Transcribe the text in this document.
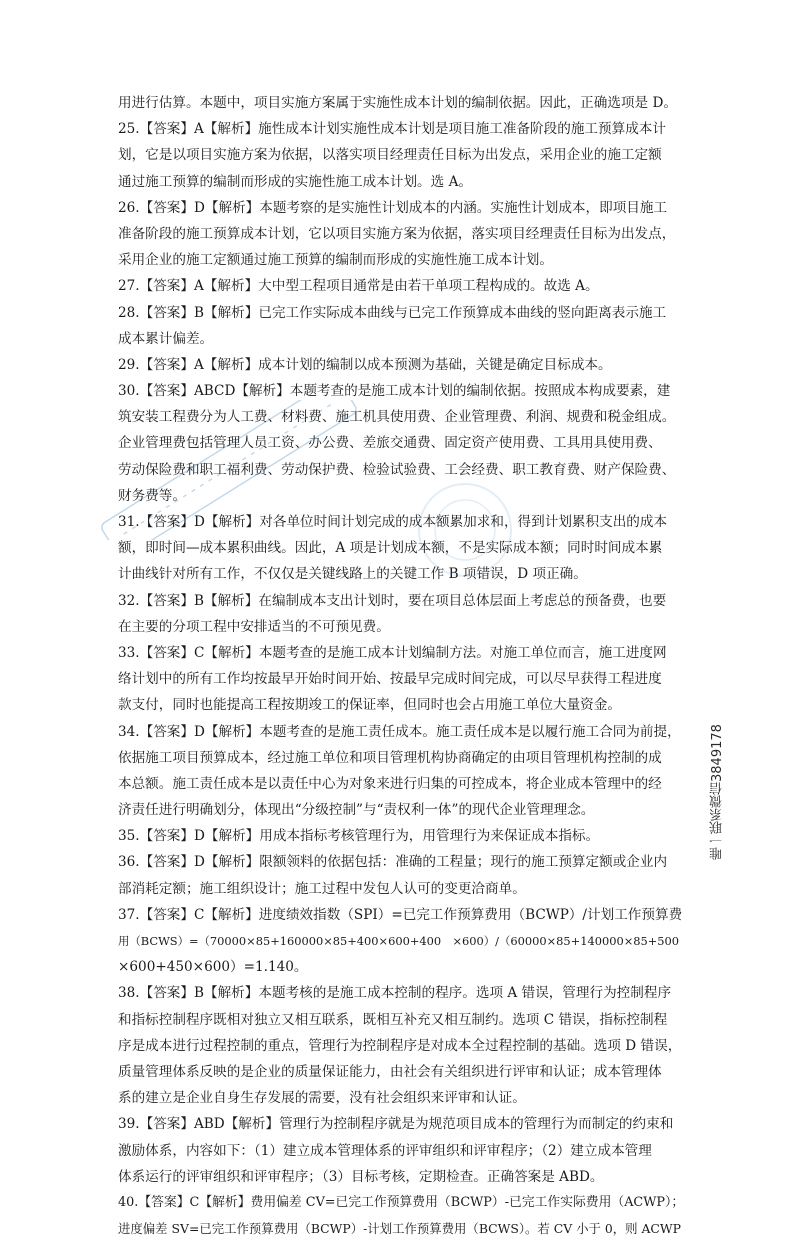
用进行估算。本题中，项目实施方案属于实施性成本计划的编制依据。因此，正确选项是 D。
25.【答案】A【解析】施性成本计划实施性成本计划是项目施工准备阶段的施工预算成本计
划，它是以项目实施方案为依据，以落实项目经理责任目标为出发点，采用企业的施工定额
通过施工预算的编制而形成的实施性施工成本计划。选 A。
26.【答案】D【解析】本题考察的是实施性计划成本的内涵。实施性计划成本，即项目施工
准备阶段的施工预算成本计划，它以项目实施方案为依据，落实项目经理责任目标为出发点，
采用企业的施工定额通过施工预算的编制而形成的实施性施工成本计划。
27.【答案】A【解析】大中型工程项目通常是由若干单项工程构成的。故选 A。
28.【答案】B【解析】已完工作实际成本曲线与已完工作预算成本曲线的竖向距离表示施工
成本累计偏差。
29.【答案】A【解析】成本计划的编制以成本预测为基础，关键是确定目标成本。
30.【答案】ABCD【解析】本题考查的是施工成本计划的编制依据。按照成本构成要素，建
筑安装工程费分为人工费、材料费、施工机具使用费、企业管理费、利润、规费和税金组成。
企业管理费包括管理人员工资、办公费、差旅交通费、固定资产使用费、工具用具使用费、
劳动保险费和职工福利费、劳动保护费、检验试验费、工会经费、职工教育费、财产保险费、
财务费等。
31.【答案】D【解析】对各单位时间计划完成的成本额累加求和，得到计划累积支出的成本
额，即时间—成本累积曲线。因此，A 项是计划成本额，不是实际成本额；同时时间成本累
计曲线针对所有工作，不仅仅是关键线路上的关键工作 B 项错误，D 项正确。
32.【答案】B【解析】在编制成本支出计划时，要在项目总体层面上考虑总的预备费，也要
在主要的分项工程中安排适当的不可预见费。
33.【答案】C【解析】本题考查的是施工成本计划编制方法。对施工单位而言，施工进度网
络计划中的所有工作均按最早开始时间开始、按最早完成时间完成，可以尽早获得工程进度
款支付，同时也能提高工程按期竣工的保证率，但同时也会占用施工单位大量资金。
34.【答案】D【解析】本题考查的是施工责任成本。施工责任成本是以履行施工合同为前提，
依据施工项目预算成本，经过施工单位和项目管理机构协商确定的由项目管理机构控制的成
本总额。施工责任成本是以责任中心为对象来进行归集的可控成本，将企业成本管理中的经
济责任进行明确划分，体现出“分级控制”与“责权利一体”的现代企业管理理念。
35.【答案】D【解析】用成本指标考核管理行为，用管理行为来保证成本指标。
36.【答案】D【解析】限额领料的依据包括：准确的工程量；现行的施工预算定额或企业内
部消耗定额；施工组织设计；施工过程中发包人认可的变更洽商单。
37.【答案】C【解析】进度绩效指数（SPI）=已完工作预算费用（BCWP）/计划工作预算费
用（BCWS）=（70000×85+160000×85+400×600+400　×600）/（60000×85+140000×85+500
×600+450×600）=1.140。
38.【答案】B【解析】本题考核的是施工成本控制的程序。选项 A 错误，管理行为控制程序
和指标控制程序既相对独立又相互联系，既相互补充又相互制约。选项 C 错误，指标控制程
序是成本进行过程控制的重点，管理行为控制程序是对成本全过程控制的基础。选项 D 错误，
质量管理体系反映的是企业的质量保证能力，由社会有关组织进行评审和认证；成本管理体
系的建立是企业自身生存发展的需要，没有社会组织来评审和认证。
39.【答案】ABD【解析】管理行为控制程序就是为规范项目成本的管理行为而制定的约束和
激励体系，内容如下：（1）建立成本管理体系的评审组织和评审程序；（2）建立成本管理
体系运行的评审组织和评审程序；（3）目标考核，定期检查。正确答案是 ABD。
40.【答案】C【解析】费用偏差 CV=已完工作预算费用（BCWP）-已完工作实际费用（ACWP）；
进度偏差 SV=已完工作预算费用（BCWP）-计划工作预算费用（BCWS）。若 CV 小于 0，则 ACWP
唯一联系微信3849178
